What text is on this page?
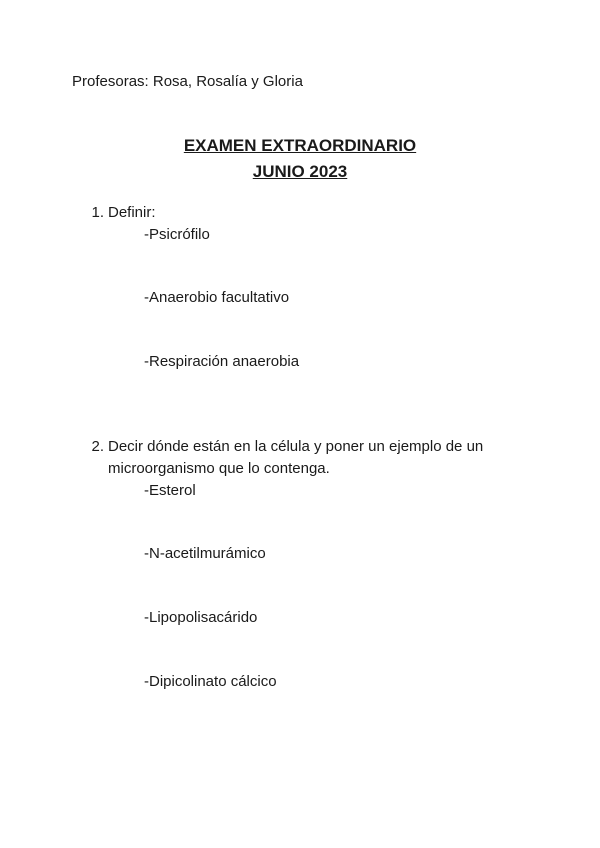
Profesoras: Rosa, Rosalía y Gloria
EXAMEN EXTRAORDINARIO
JUNIO 2023
1. Definir:
-Psicrófilo
-Anaerobio facultativo
-Respiración anaerobia
2. Decir dónde están en la célula y poner un ejemplo de un
microorganismo que lo contenga.
-Esterol
-N-acetilmurámico
-Lipopolisacárido
-Dipicolinato cálcico
